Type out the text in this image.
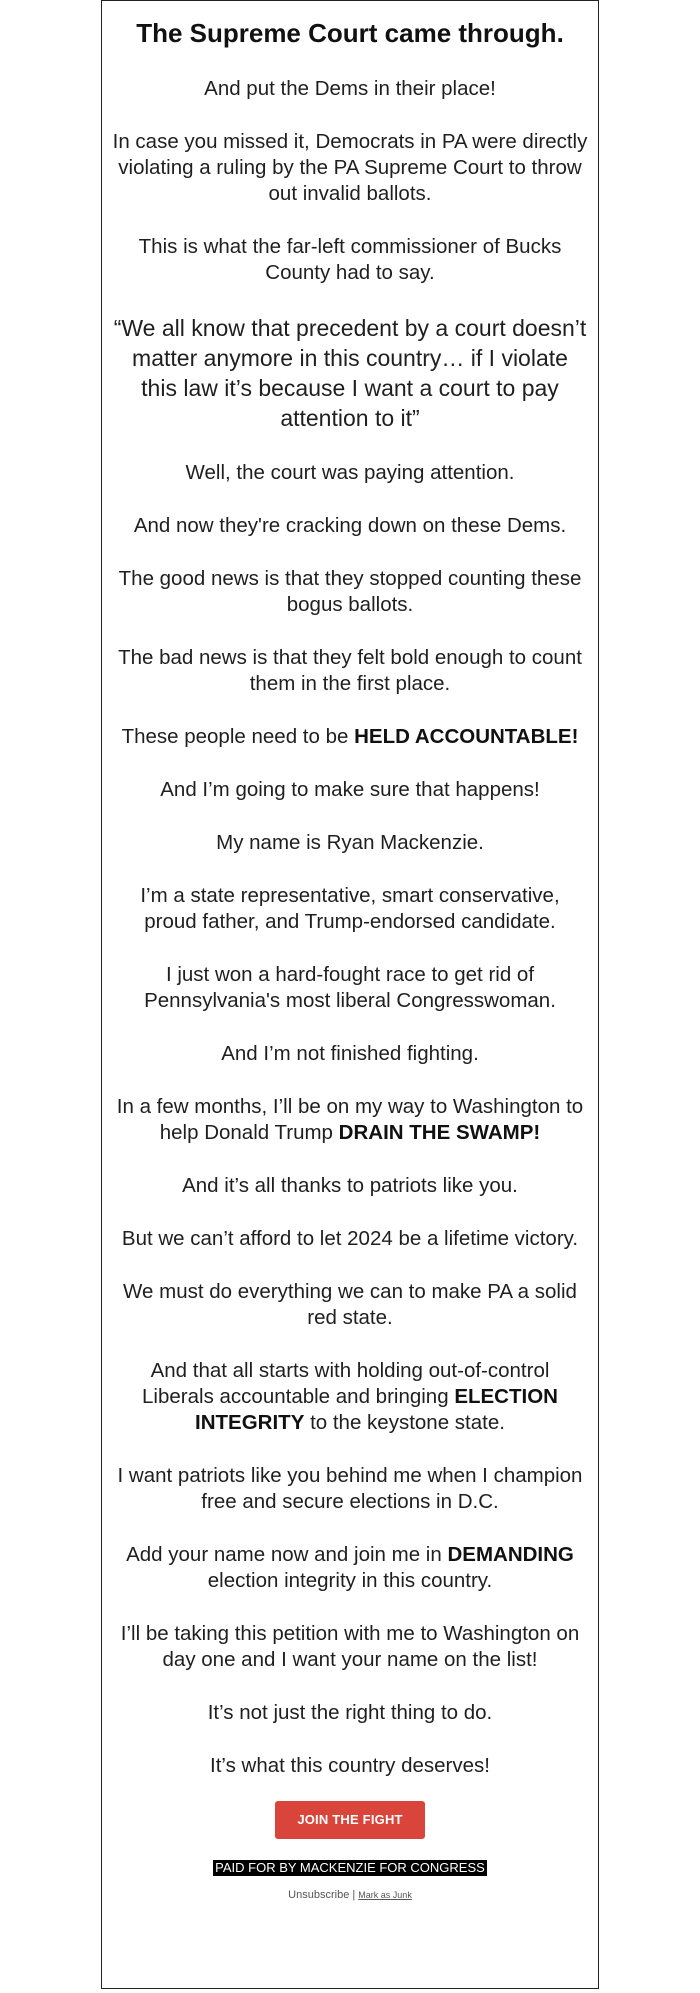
The Supreme Court came through.

And put the Dems in their place!

In case you missed it, Democrats in PA were directly violating a ruling by the PA Supreme Court to throw out invalid ballots.

This is what the far-left commissioner of Bucks County had to say.

“We all know that precedent by a court doesn’t matter anymore in this country… if I violate this law it’s because I want a court to pay attention to it”

Well, the court was paying attention.

And now they're cracking down on these Dems.

The good news is that they stopped counting these bogus ballots.

The bad news is that they felt bold enough to count them in the first place.

These people need to be HELD ACCOUNTABLE!

And I’m going to make sure that happens!

My name is Ryan Mackenzie.

I’m a state representative, smart conservative, proud father, and Trump-endorsed candidate.

I just won a hard-fought race to get rid of Pennsylvania's most liberal Congresswoman.

And I’m not finished fighting.

In a few months, I’ll be on my way to Washington to help Donald Trump DRAIN THE SWAMP!

And it’s all thanks to patriots like you.

But we can’t afford to let 2024 be a lifetime victory.

We must do everything we can to make PA a solid red state.

And that all starts with holding out-of-control Liberals accountable and bringing ELECTION INTEGRITY to the keystone state.

I want patriots like you behind me when I champion free and secure elections in D.C.

Add your name now and join me in DEMANDING election integrity in this country.

I’ll be taking this petition with me to Washington on day one and I want your name on the list!

It’s not just the right thing to do.

It’s what this country deserves!

JOIN THE FIGHT
PAID FOR BY MACKENZIE FOR CONGRESS
Unsubscribe | Mark as Junk
